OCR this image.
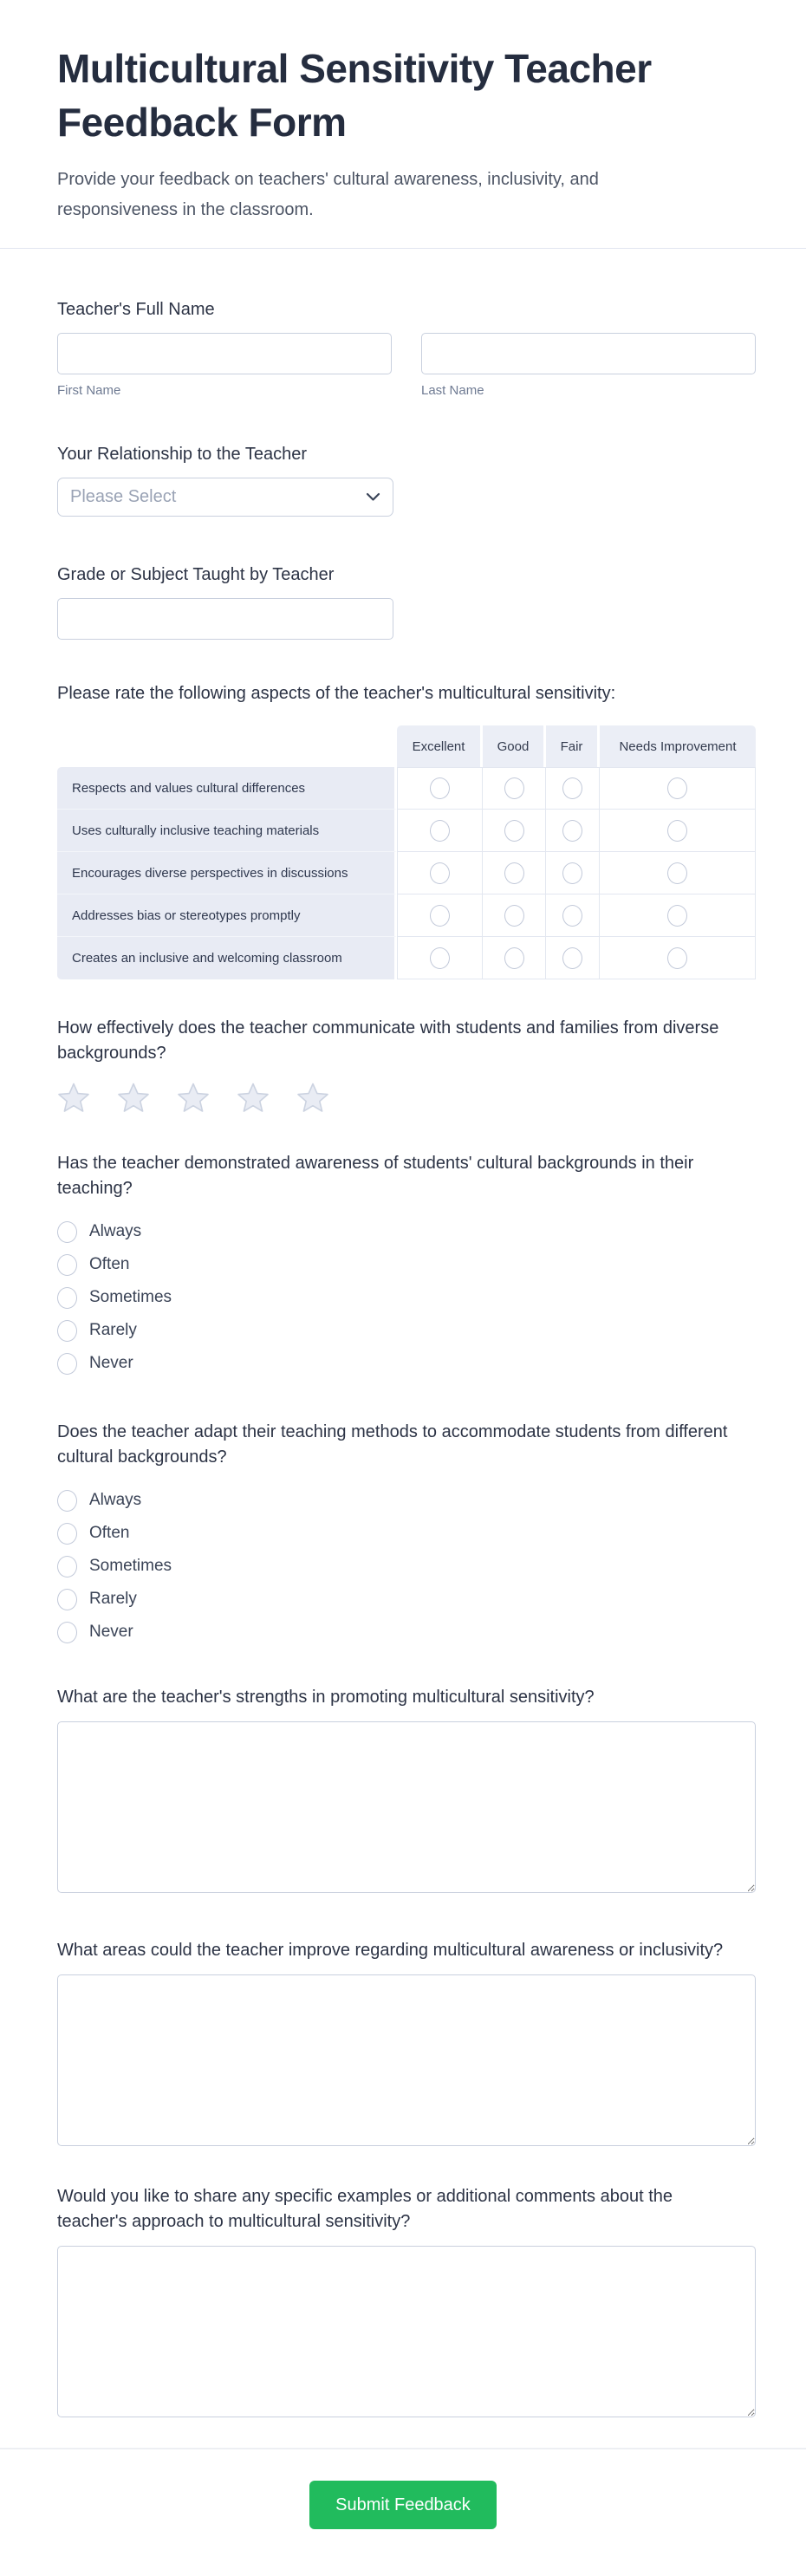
Multicultural Sensitivity Teacher Feedback Form

Provide your feedback on teachers' cultural awareness, inclusivity, and responsiveness in the classroom.

Teacher's Full Name
First Name	Last Name
Your Relationship to the Teacher
Please Select
Grade or Subject Taught by Teacher
Please rate the following aspects of the teacher's multicultural sensitivity:
Excellent	Good	Fair	Needs Improvement
Respects and values cultural differences
Uses culturally inclusive teaching materials
Encourages diverse perspectives in discussions
Addresses bias or stereotypes promptly
Creates an inclusive and welcoming classroom
How effectively does the teacher communicate with students and families from diverse backgrounds?
Has the teacher demonstrated awareness of students' cultural backgrounds in their teaching?
Always
Often
Sometimes
Rarely
Never
Does the teacher adapt their teaching methods to accommodate students from different cultural backgrounds?
Always
Often
Sometimes
Rarely
Never
What are the teacher's strengths in promoting multicultural sensitivity?
What areas could the teacher improve regarding multicultural awareness or inclusivity?
Would you like to share any specific examples or additional comments about the teacher's approach to multicultural sensitivity?
Submit Feedback
